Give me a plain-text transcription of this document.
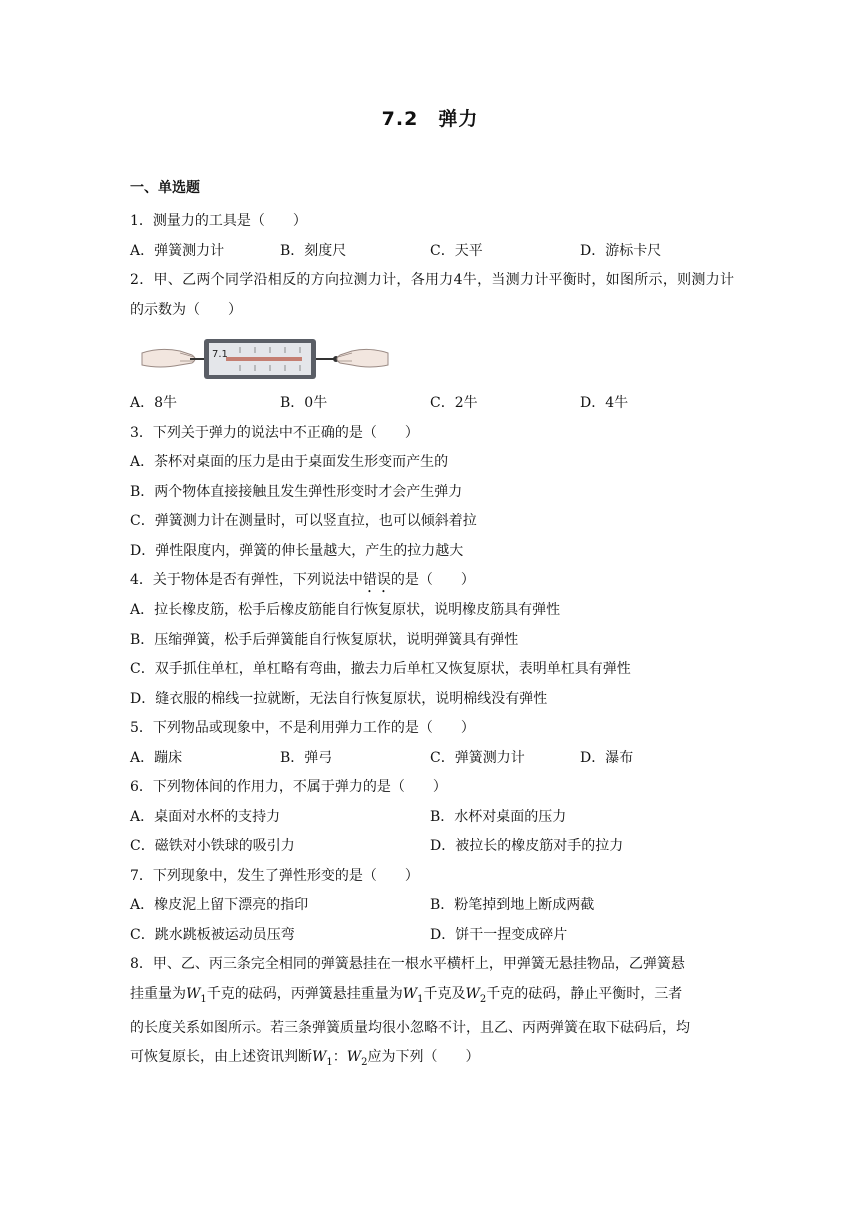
7.2　弹力
一、单选题
1．测量力的工具是（　　）
A．弹簧测力计	B．刻度尺	C．天平	D．游标卡尺
2．甲、乙两个同学沿相反的方向拉测力计，各用力4牛，当测力计平衡时，如图所示，则测力计的示数为（　　）
7.1
A．8牛	B．0牛	C．2牛	D．4牛
3．下列关于弹力的说法中不正确的是（　　）
A．茶杯对桌面的压力是由于桌面发生形变而产生的
B．两个物体直接接触且发生弹性形变时才会产生弹力
C．弹簧测力计在测量时，可以竖直拉，也可以倾斜着拉
D．弹性限度内，弹簧的伸长量越大，产生的拉力越大
4．关于物体是否有弹性，下列说法中错误的是（　　）
A．拉长橡皮筋，松手后橡皮筋能自行恢复原状，说明橡皮筋具有弹性
B．压缩弹簧，松手后弹簧能自行恢复原状，说明弹簧具有弹性
C．双手抓住单杠，单杠略有弯曲，撤去力后单杠又恢复原状，表明单杠具有弹性
D．缝衣服的棉线一拉就断，无法自行恢复原状，说明棉线没有弹性
5．下列物品或现象中，不是利用弹力工作的是（　　）
A．蹦床	B．弹弓	C．弹簧测力计	D．瀑布
6．下列物体间的作用力，不属于弹力的是（　　）
A．桌面对水杯的支持力	B．水杯对桌面的压力
C．磁铁对小铁球的吸引力	D．被拉长的橡皮筋对手的拉力
7．下列现象中，发生了弹性形变的是（　　）
A．橡皮泥上留下漂亮的指印	B．粉笔掉到地上断成两截
C．跳水跳板被运动员压弯	D．饼干一捏变成碎片
8．甲、乙、丙三条完全相同的弹簧悬挂在一根水平横杆上，甲弹簧无悬挂物品，乙弹簧悬
挂重量为$W_1$千克的砝码，丙弹簧悬挂重量为$W_1$千克及$W_2$千克的砝码，静止平衡时，三者
的长度关系如图所示。若三条弹簧质量均很小忽略不计，且乙、丙两弹簧在取下砝码后，均
可恢复原长，由上述资讯判断$W_1$：$W_2$应为下列（　　）
